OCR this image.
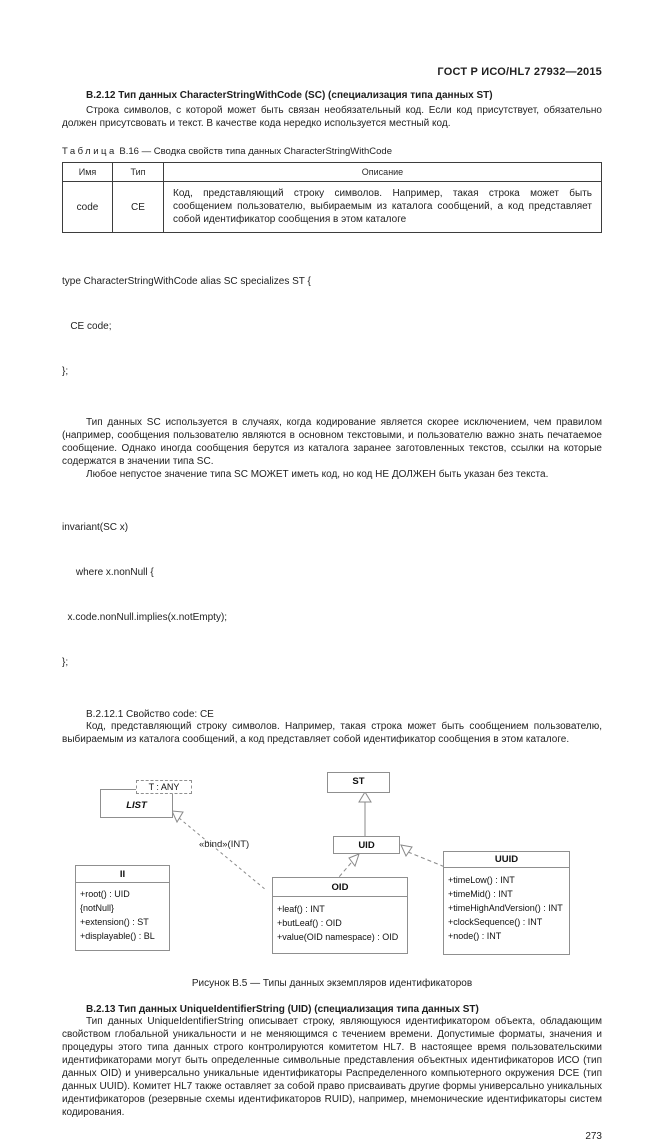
ГОСТ Р ИСО/HL7 27932—2015

В.2.12 Тип данных CharacterStringWithCode (SC) (специализация типа данных ST)

Строка символов, с которой может быть связан необязательный код. Если код присутствует, обязательно должен присутсвовать и текст. В качестве кода нередко используется местный код.

Таблица В.16 — Сводка свойств типа данных CharacterStringWithCode
Имя	Тип	Описание
code	CE	Код, представляющий строку символов. Например, такая строка может быть сообщением пользователю, выбираемым из каталога сообщений, а код представляет собой идентификатор сообщения в этом каталоге

type CharacterStringWithCode alias SC specializes ST {

CE code;

};

Тип данных SC используется в случаях, когда кодирование является скорее исключением, чем правилом (например, сообщения пользователю являются в основном текстовыми, и пользователю важно знать печатаемое сообщение. Однако иногда сообщения берутся из каталога заранее заготовленных текстов, ссылки на которые содержатся в значении типа SC.

Любое непустое значение типа SC МОЖЕТ иметь код, но код НЕ ДОЛЖЕН быть указан без текста.

invariant(SC x)

where x.nonNull {

x.code.nonNull.implies(x.notEmpty);

};

В.2.12.1 Свойство code: CE

Код, представляющий строку символов. Например, такая строка может быть сообщением пользователю, выбираемым из каталога сообщений, а код представляет собой идентификатор сообщения в этом каталоге.

LIST
T : ANY	ST
UID
II
+root() : UID {notNull}
+extension() : ST
+displayable() : BL
OID
+leaf() : INT
+butLeaf() : OID
+value(OID namespace) : OID
UUID
+timeLow() : INT
+timeMid() : INT
+timeHighAndVersion() : INT
+clockSequence() : INT
+node() : INT
«bind»(INT)
Рисунок В.5 — Типы данных экземпляров идентификаторов

В.2.13 Тип данных UniqueIdentifierString (UID) (специализация типа данных ST)

Тип данных UniqueIdentifierString описывает строку, являющуюся идентификатором объекта, обладающим свойством глобальной уникальности и не меняющимся с течением времени. Допустимые форматы, значения и процедуры этого типа данных строго контролируются комитетом HL7. В настоящее время пользовательскими идентификаторами могут быть определенные символьные представления объектных идентификаторов ИСО (тип данных OID) и универсально уникальные идентификаторы Распределенного компьютерного окружения DCE (тип данных UUID). Комитет HL7 также оставляет за собой право присваивать другие формы универсально уникальных идентификаторов (резервные схемы идентификаторов RUID), например, мнемонические идентификаторы систем кодирования.

273
